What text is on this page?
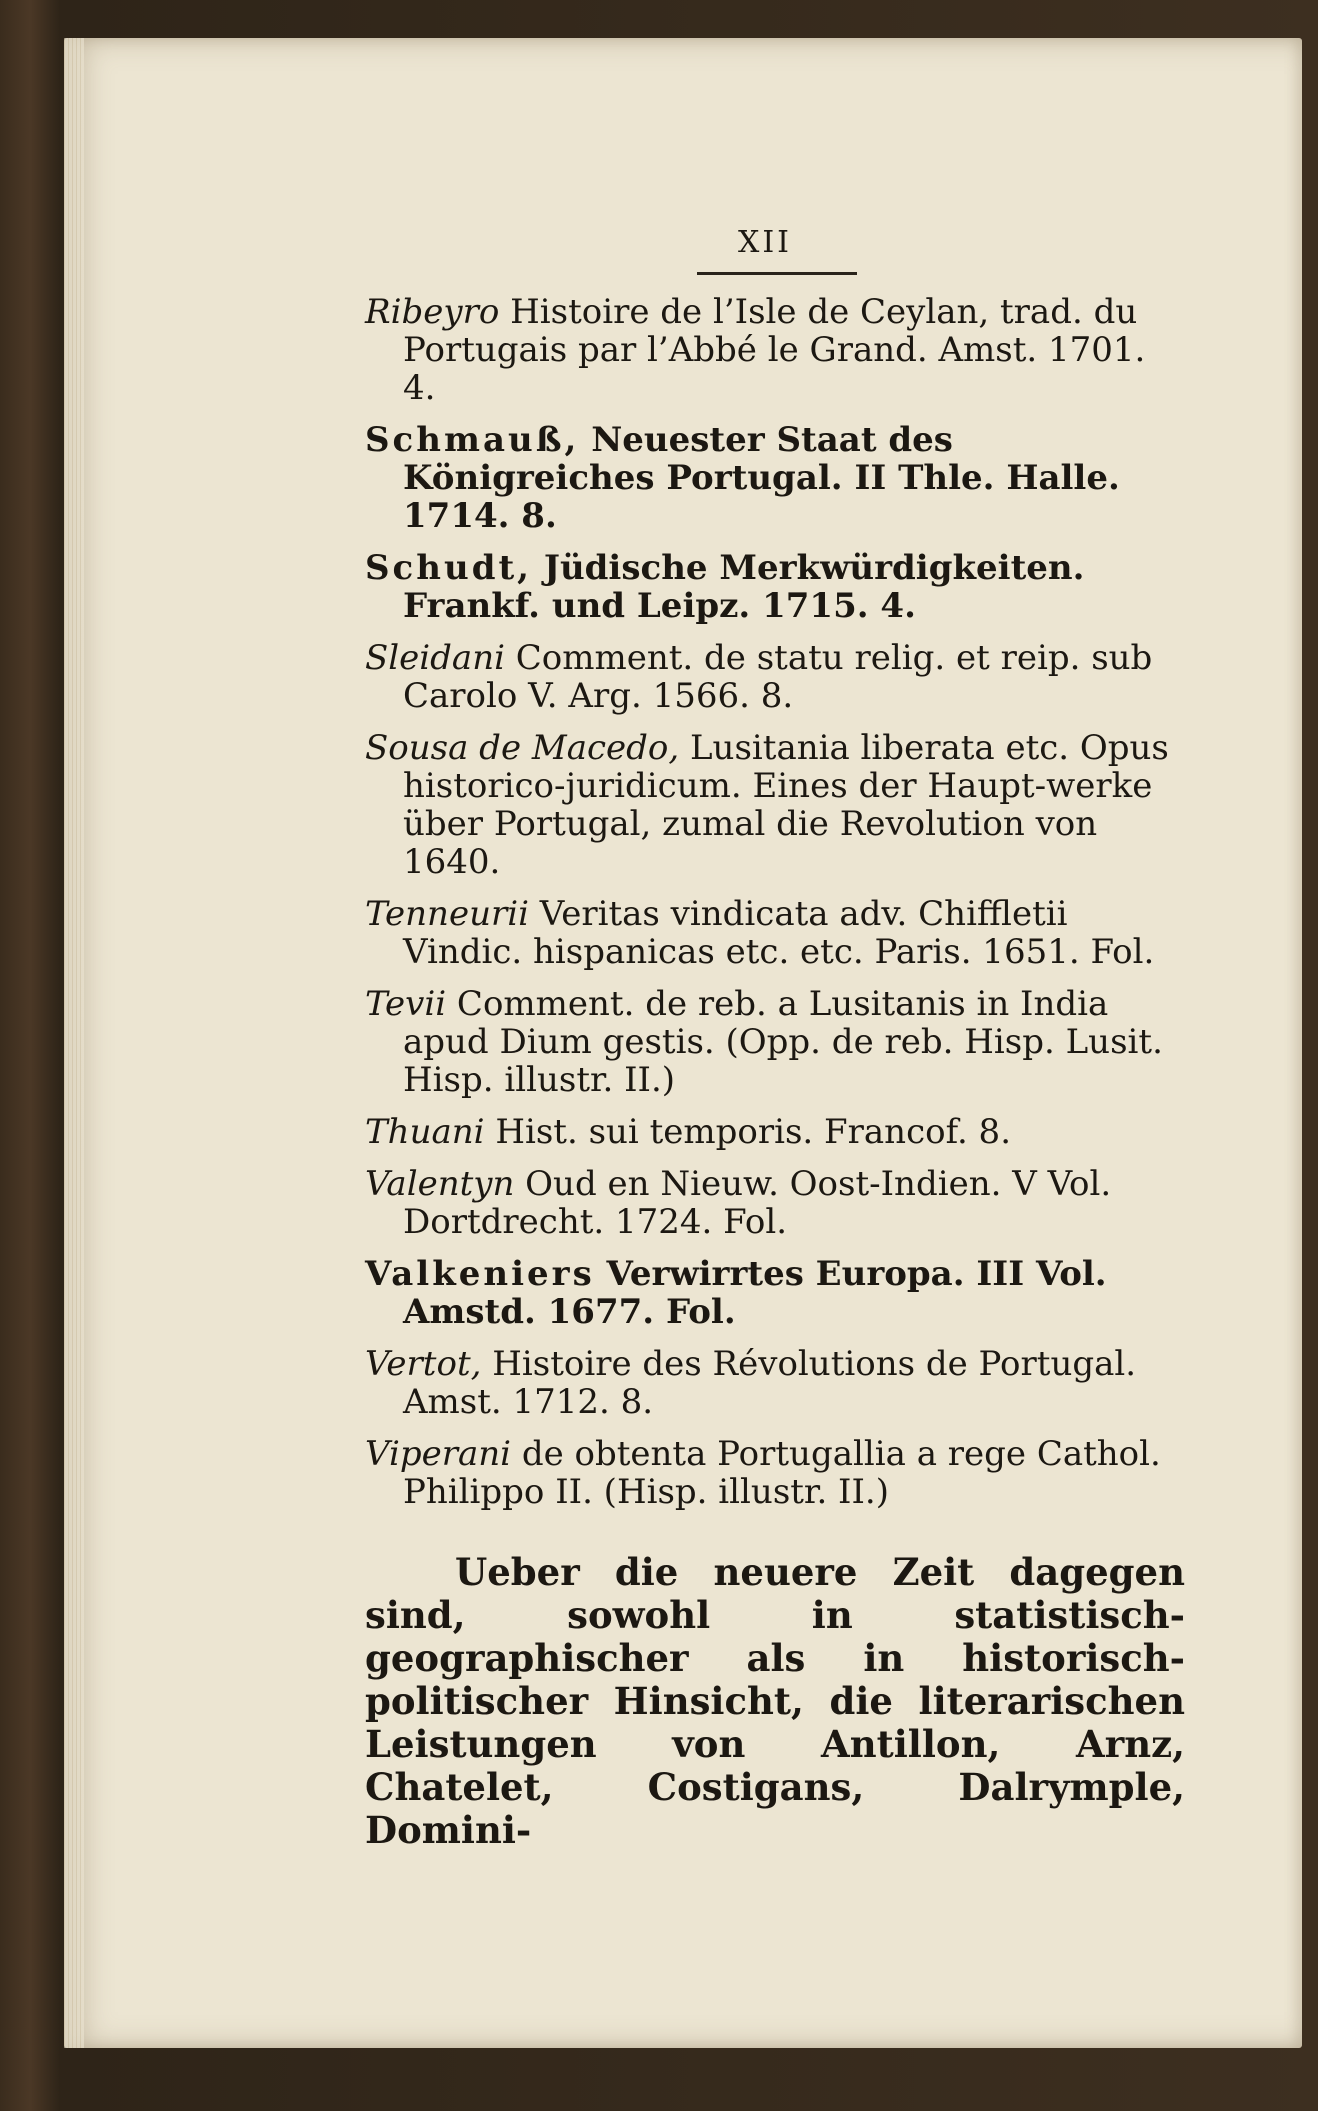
XII
Ribeyro Histoire de l’Isle de Ceylan, trad. du Portugais par l’Abbé le Grand. Amst. 1701. 4.
Schmauß, Neuester Staat des Königreiches Portugal. II Thle. Halle. 1714. 8.
Schudt, Jüdische Merkwürdigkeiten. Frankf. und Leipz. 1715. 4.
Sleidani Comment. de statu relig. et reip. sub Carolo V. Arg. 1566. 8.
Sousa de Macedo, Lusitania liberata etc. Opus historico-juridicum. Eines der Haupt-werke über Portugal, zumal die Revolution von 1640.
Tenneurii Veritas vindicata adv. Chiffletii Vindic. hispanicas etc. etc. Paris. 1651. Fol.
Tevii Comment. de reb. a Lusitanis in India apud Dium gestis. (Opp. de reb. Hisp. Lusit. Hisp. illustr. II.)
Thuani Hist. sui temporis. Francof. 8.
Valentyn Oud en Nieuw. Oost-Indien. V Vol. Dortdrecht. 1724. Fol.
Valkeniers Verwirrtes Europa. III Vol. Amstd. 1677. Fol.
Vertot, Histoire des Révolutions de Portugal. Amst. 1712. 8.
Viperani de obtenta Portugallia a rege Cathol. Philippo II. (Hisp. illustr. II.)

Ueber die neuere Zeit dagegen sind, sowohl in statistisch-geographischer als in historisch-politischer Hinsicht, die literarischen Leistungen von Antillon, Arnz, Chatelet, Costigans, Dalrymple, Domini-
